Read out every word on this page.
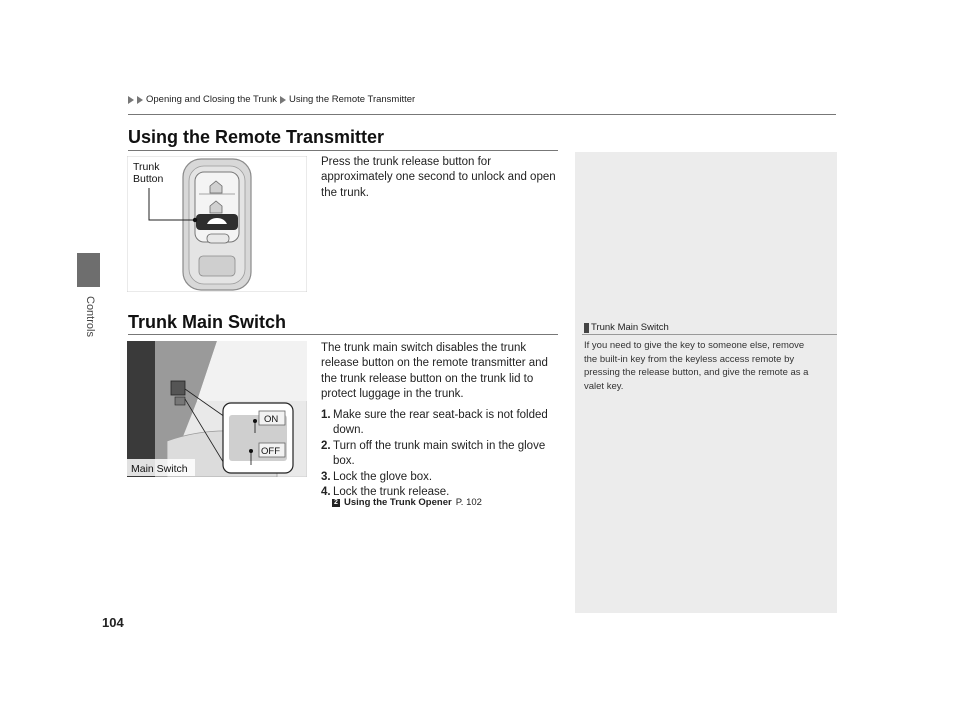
Controls
Opening and Closing the Trunk Using the Remote Transmitter
Using the Remote Transmitter
Trunk
Button
Press the trunk release button for
approximately one second to unlock and open
the trunk.
Trunk Main Switch
ON
OFF
Main Switch
The trunk main switch disables the trunk
release button on the remote transmitter and
the trunk release button on the trunk lid to
protect luggage in the trunk.
1. Make sure the rear seat-back is not folded
down.
2. Turn off the trunk main switch in the glove
box.
3. Lock the glove box.
4. Lock the trunk release.
2 Using the Trunk Opener P. 102
Trunk Main Switch
If you need to give the key to someone else, remove
the built-in key from the keyless access remote by
pressing the release button, and give the remote as a
valet key.
104
